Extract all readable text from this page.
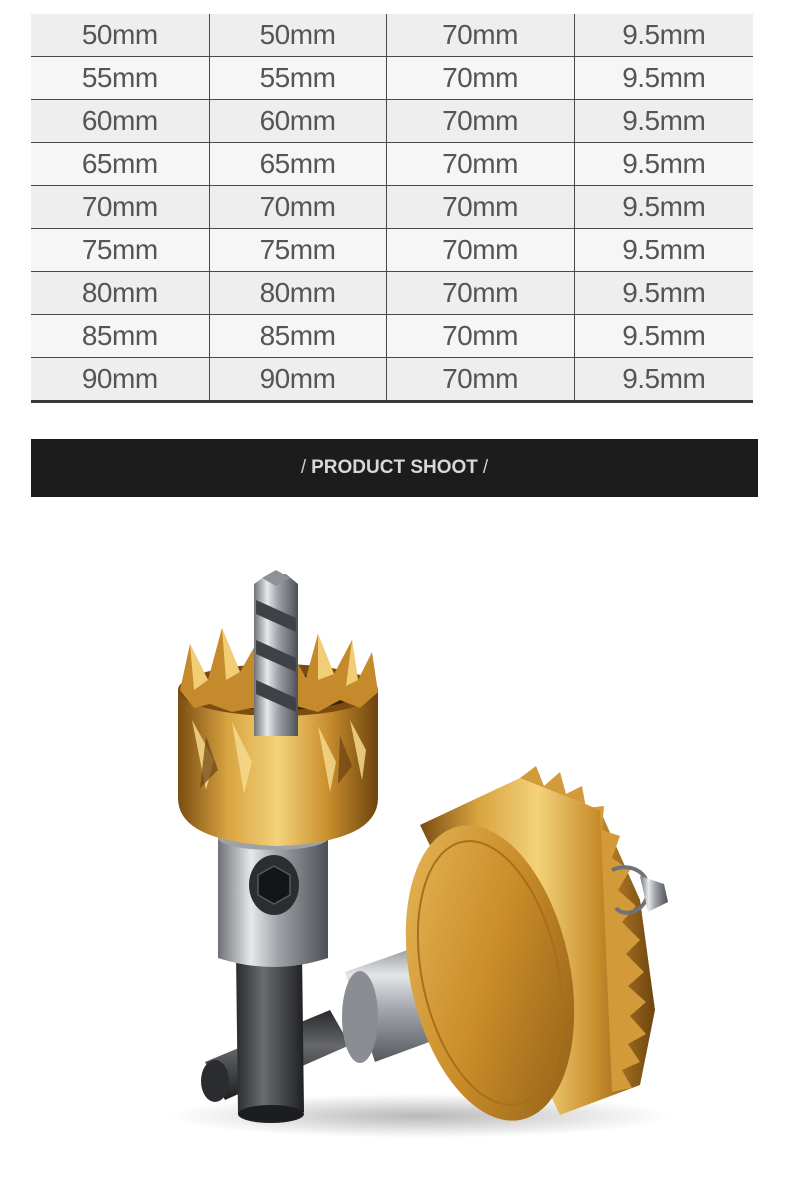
50mm	50mm	70mm	9.5mm
55mm	55mm	70mm	9.5mm
60mm	60mm	70mm	9.5mm
65mm	65mm	70mm	9.5mm
70mm	70mm	70mm	9.5mm
75mm	75mm	70mm	9.5mm
80mm	80mm	70mm	9.5mm
85mm	85mm	70mm	9.5mm
90mm	90mm	70mm	9.5mm
/ PRODUCT SHOOT /
